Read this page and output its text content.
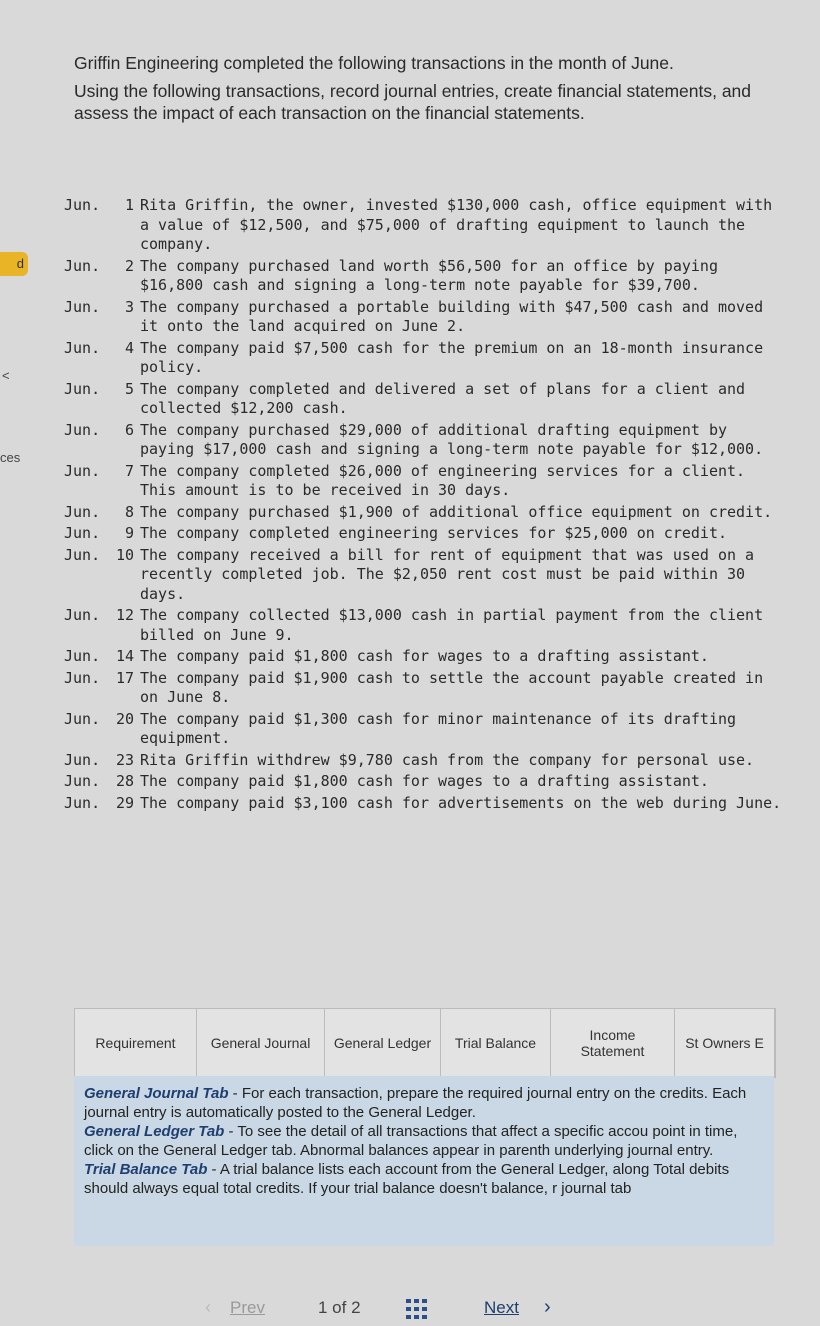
d
<
ces

Griffin Engineering completed the following transactions in the month of June.

Using the following transactions, record journal entries, create financial statements, and assess the impact of each transaction on the financial statements.

Jun.	1 Rita Griffin, the owner, invested $130,000 cash, office equipment with a value of $12,500, and $75,000 of drafting equipment to launch the company.
Jun.	2 The company purchased land worth $56,500 for an office by paying $16,800 cash and signing a long-term note payable for $39,700.
Jun.	3 The company purchased a portable building with $47,500 cash and moved it onto the land acquired on June 2.
Jun.	4 The company paid $7,500 cash for the premium on an 18-month insurance policy.
Jun.	5 The company completed and delivered a set of plans for a client and collected $12,200 cash.
Jun.	6 The company purchased $29,000 of additional drafting equipment by paying $17,000 cash and signing a long-term note payable for $12,000.
Jun.	7 The company completed $26,000 of engineering services for a client. This amount is to be received in 30 days.
Jun.	8 The company purchased $1,900 of additional office equipment on credit.
Jun.	9 The company completed engineering services for $25,000 on credit.
Jun.	10 The company received a bill for rent of equipment that was used on a recently completed job. The $2,050 rent cost must be paid within 30 days.
Jun.	12 The company collected $13,000 cash in partial payment from the client billed on June 9.
Jun.	14 The company paid $1,800 cash for wages to a drafting assistant.
Jun.	17 The company paid $1,900 cash to settle the account payable created in on June 8.
Jun.	20 The company paid $1,300 cash for minor maintenance of its drafting equipment.
Jun.	23 Rita Griffin withdrew $9,780 cash from the company for personal use.
Jun.	28 The company paid $1,800 cash for wages to a drafting assistant.
Jun.	29 The company paid $3,100 cash for advertisements on the web during June.
Requirement	General Journal	General Ledger	Trial Balance	Income Statement	St Owners E
General Journal Tab - For each transaction, prepare the required journal entry on the credits. Each journal entry is automatically posted to the General Ledger.
General Ledger Tab - To see the detail of all transactions that affect a specific accou point in time, click on the General Ledger tab. Abnormal balances appear in parenth underlying journal entry.
Trial Balance Tab - A trial balance lists each account from the General Ledger, along Total debits should always equal total credits. If your trial balance doesn't balance, r journal tab
‹ Prev	1 of 2	Next ›
